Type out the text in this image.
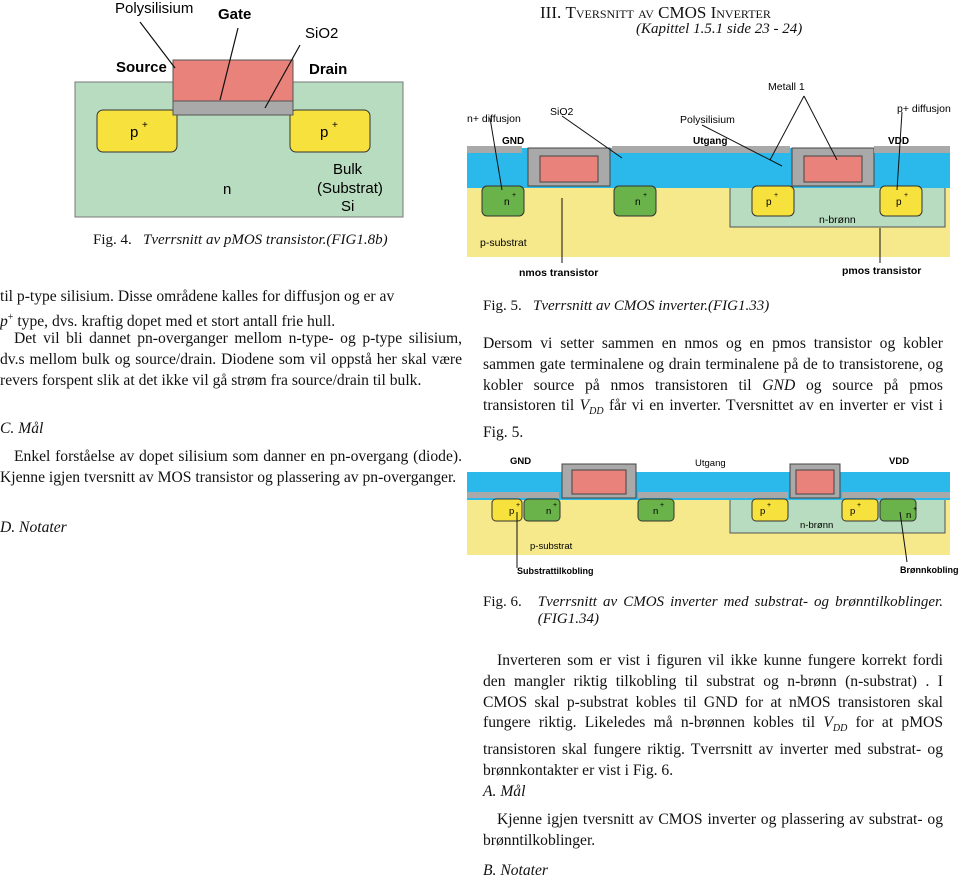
Polysilisium Gate
SiO2
Source	Drain
p +	p +
n
Bulk
(Substrat)
Si
Fig. 4. Tverrsnitt av pMOS transistor.(FIG1.8b)
III. Tversnitt av CMOS Inverter
(Kapittel 1.5.1 side 23 - 24)
Metall 1
n+ diffusjon
SiO2
Polysilisium
p+ diffusjon
GND	Utgang	VDD
n
+
n
+
p
+
p
+
n-brønn
p-substrat
nmos transistor	pmos transistor
Fig. 5. Tverrsnitt av CMOS inverter.(FIG1.33)

til p-type silisium. Disse områdene kalles for diffusjon og er av

p+ type, dvs. kraftig dopet med et stort antall frie hull.

Det vil bli dannet pn-overganger mellom n-type- og p-type silisium, dv.s mellom bulk og source/drain. Diodene som vil oppstå her skal være revers forspent slik at det ikke vil gå strøm fra source/drain til bulk.
C. Mål
Enkel forståelse av dopet silisium som danner en pn-overgang (diode). Kjenne igjen tversnitt av MOS transistor og plassering av pn-overganger.
D. Notater
Dersom vi setter sammen en nmos og en pmos transistor og kobler sammen gate terminalene og drain terminalene på de to transistorene, og kobler source på nmos transistoren til GND og source på pmos transistoren til $V_{DD}$ får vi en inverter. Tversnittet av en inverter er vist i Fig. 5.
GND	Utgang	VDD
p
+
n
+
n
+
p
+
p
+
n
+
n-brønn
p-substrat
Substrattilkobling	Brønnkobling
Fig. 6. Tverrsnitt av CMOS inverter med substrat- og brønntilkoblinger.(FIG1.34)
Inverteren som er vist i figuren vil ikke kunne fungere korrekt fordi den mangler riktig tilkobling til substrat og n-brønn (n-substrat) . I CMOS skal p-substrat kobles til GND for at nMOS transistoren skal fungere riktig. Likeledes må n-brønnen kobles til $V_{DD}$ for at pMOS transistoren skal fungere riktig. Tverrsnitt av inverter med substrat- og brønnkontakter er vist i Fig. 6.
A. Mål
Kjenne igjen tversnitt av CMOS inverter og plassering av substrat- og brønntilkoblinger.
B. Notater
